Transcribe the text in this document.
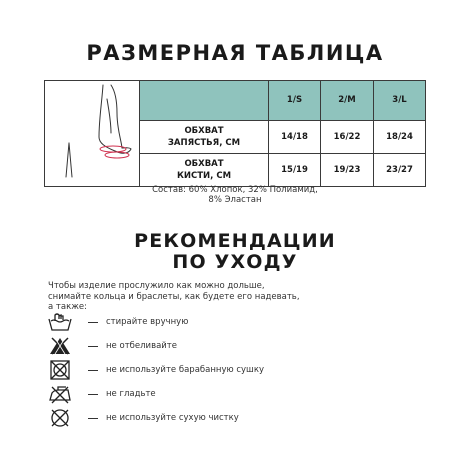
РАЗМЕРНАЯ ТАБЛИЦА
		1/S	2/M	3/L
	ОБХВАТ
ЗАПЯСТЬЯ, СМ	14/18	16/22	18/24
	ОБХВАТ
КИСТИ, СМ	15/19	19/23	23/27
Состав: 60% Хлопок, 32% Полиамид,
8% Эластан
РЕКОМЕНДАЦИИ
ПО УХОДУ
Чтобы изделие прослужило как можно дольше,
снимайте кольца и браслеты, как будете его надевать,
а также:
стирайте вручную
не отбеливайте
не используйте барабанную сушку
не гладьте
не используйте сухую чистку
